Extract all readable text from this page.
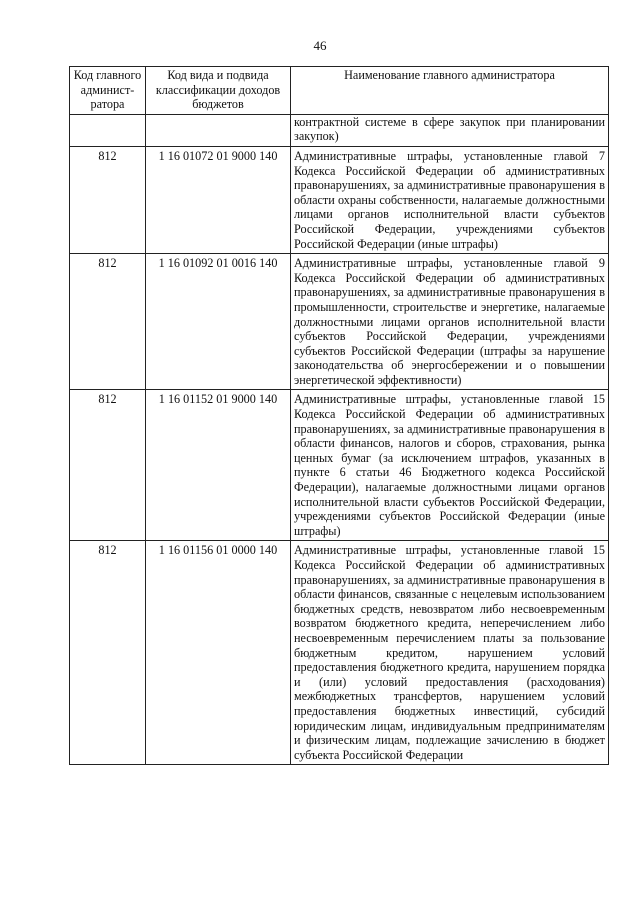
46
Код главного админист-ратора	Код вида и подвида классификации доходов бюджетов	Наименование главного администратора
		контрактной системе в сфере закупок при планировании закупок)
812	1 16 01072 01 9000 140	Административные штрафы, установленные главой 7 Кодекса Российской Федерации об административных правонарушениях, за административные правонарушения в области охраны собственности, налагаемые должностными лицами органов исполнительной власти субъектов Российской Федерации, учреждениями субъектов Российской Федерации (иные штрафы)
812	1 16 01092 01 0016 140	Административные штрафы, установленные главой 9 Кодекса Российской Федерации об административных правонарушениях, за административные правонарушения в промышленности, строительстве и энергетике, налагаемые должностными лицами органов исполнительной власти субъектов Российской Федерации, учреждениями субъектов Российской Федерации (штрафы за нарушение законодательства об энергосбережении и о повышении энергетической эффективности)
812	1 16 01152 01 9000 140	Административные штрафы, установленные главой 15 Кодекса Российской Федерации об административных правонарушениях, за административные правонарушения в области финансов, налогов и сборов, страхования, рынка ценных бумаг (за исключением штрафов, указанных в пункте 6 статьи 46 Бюджетного кодекса Российской Федерации), налагаемые должностными лицами органов исполнительной власти субъектов Российской Федерации, учреждениями субъектов Российской Федерации (иные штрафы)
812	1 16 01156 01 0000 140	Административные штрафы, установленные главой 15 Кодекса Российской Федерации об административных правонарушениях, за административные правонарушения в области финансов, связанные с нецелевым использованием бюджетных средств, невозвратом либо несвоевременным возвратом бюджетного кредита, неперечислением либо несвоевременным перечислением платы за пользование бюджетным кредитом, нарушением условий предоставления бюджетного кредита, нарушением порядка и (или) условий предоставления (расходования) межбюджетных трансфертов, нарушением условий предоставления бюджетных инвестиций, субсидий юридическим лицам, индивидуальным предпринимателям и физическим лицам, подлежащие зачислению в бюджет субъекта Российской Федерации
